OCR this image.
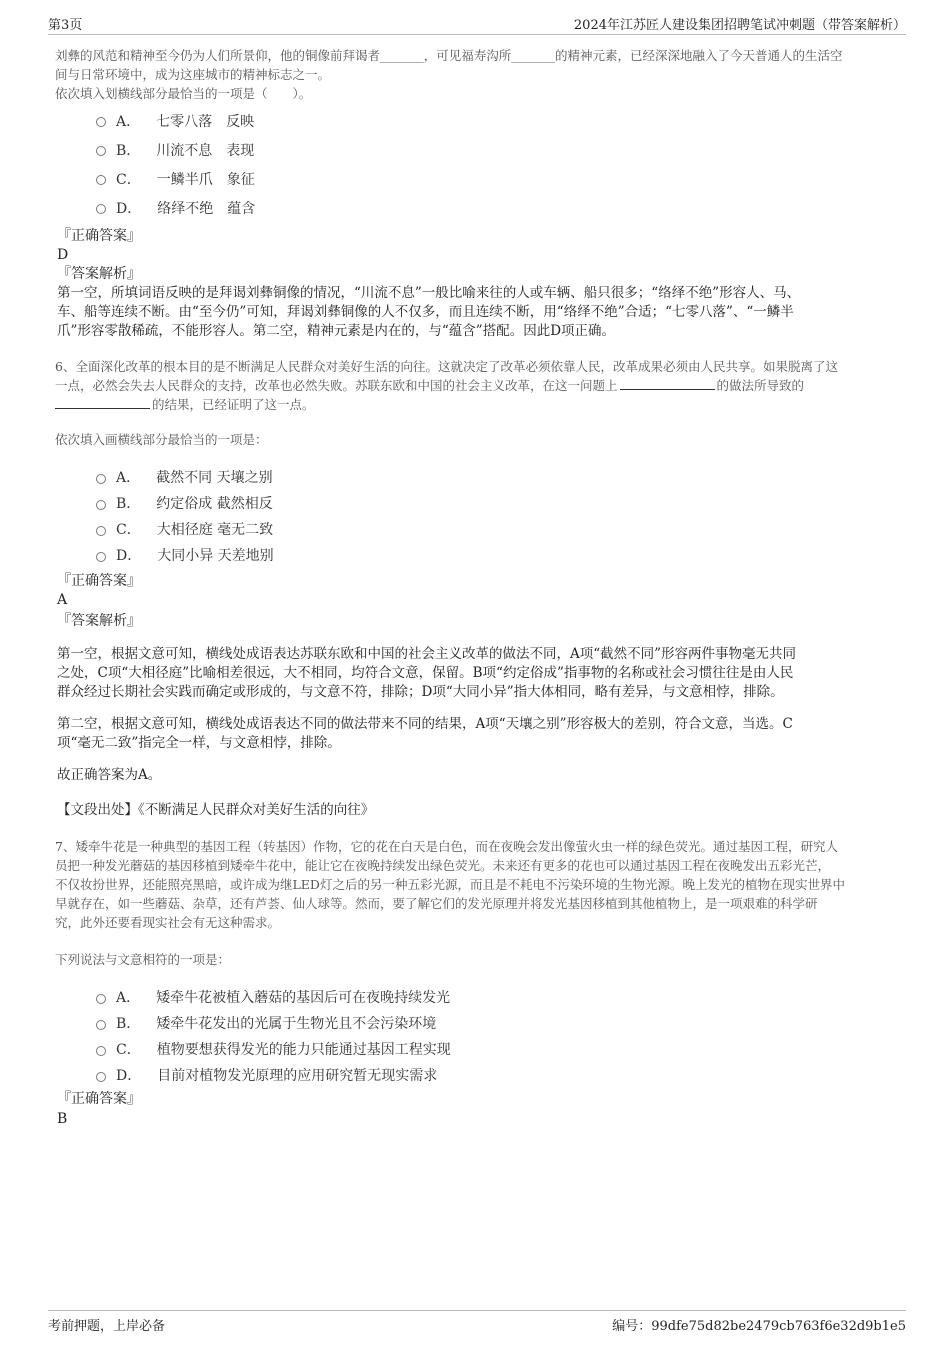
第3页	2024年江苏匠人建设集团招聘笔试冲刺题（带答案解析）
刘彝的风范和精神至今仍为人们所景仰，他的铜像前拜谒者_______，可见福寿沟所_______的精神元素，已经深深地融入了今天普通人的生活空
间与日常环境中，成为这座城市的精神标志之一。
依次填入划横线部分最恰当的一项是（　　）。
A． 七零八落　反映
B． 川流不息　表现
C． 一鳞半爪　象征
D． 络绎不绝　蕴含
『正确答案』
D
『答案解析』
第一空，所填词语反映的是拜谒刘彝铜像的情况，“川流不息”一般比喻来往的人或车辆、船只很多；“络绎不绝”形容人、马、
车、船等连续不断。由“至今仍”可知，拜谒刘彝铜像的人不仅多，而且连续不断，用“络绎不绝”合适；“七零八落”、“一鳞半
爪”形容零散稀疏，不能形容人。第二空，精神元素是内在的，与“蕴含”搭配。因此D项正确。
6、全面深化改革的根本目的是不断满足人民群众对美好生活的向往。这就决定了改革必须依靠人民，改革成果必须由人民共享。如果脱离了这
一点，必然会失去人民群众的支持，改革也必然失败。苏联东欧和中国的社会主义改革，在这一问题上	的做法所导致的
的结果，已经证明了这一点。
依次填入画横线部分最恰当的一项是：
A． 截然不同 天壤之别
B． 约定俗成 截然相反
C． 大相径庭 毫无二致
D． 大同小异 天差地别
『正确答案』
A
『答案解析』
第一空，根据文意可知，横线处成语表达苏联东欧和中国的社会主义改革的做法不同，A项“截然不同”形容两件事物毫无共同
之处，C项“大相径庭”比喻相差很远，大不相同，均符合文意，保留。B项“约定俗成”指事物的名称或社会习惯往往是由人民
群众经过长期社会实践而确定或形成的，与文意不符，排除；D项“大同小异”指大体相同，略有差异，与文意相悖，排除。
第二空，根据文意可知，横线处成语表达不同的做法带来不同的结果，A项“天壤之别”形容极大的差别，符合文意，当选。C
项“毫无二致”指完全一样，与文意相悖，排除。
故正确答案为A。
【文段出处】《不断满足人民群众对美好生活的向往》
7、矮牵牛花是一种典型的基因工程（转基因）作物，它的花在白天是白色，而在夜晚会发出像萤火虫一样的绿色荧光。通过基因工程，研究人
员把一种发光蘑菇的基因移植到矮牵牛花中，能让它在夜晚持续发出绿色荧光。未来还有更多的花也可以通过基因工程在夜晚发出五彩光芒，
不仅妆扮世界，还能照亮黑暗，或许成为继LED灯之后的另一种五彩光源，而且是不耗电不污染环境的生物光源。晚上发光的植物在现实世界中
早就存在，如一些蘑菇、杂草，还有芦荟、仙人球等。然而，要了解它们的发光原理并将发光基因移植到其他植物上，是一项艰难的科学研
究，此外还要看现实社会有无这种需求。
下列说法与文意相符的一项是：
A． 矮牵牛花被植入蘑菇的基因后可在夜晚持续发光
B． 矮牵牛花发出的光属于生物光且不会污染环境
C． 植物要想获得发光的能力只能通过基因工程实现
D． 目前对植物发光原理的应用研究暂无现实需求
『正确答案』
B
考前押题，上岸必备	编号：99dfe75d82be2479cb763f6e32d9b1e5
